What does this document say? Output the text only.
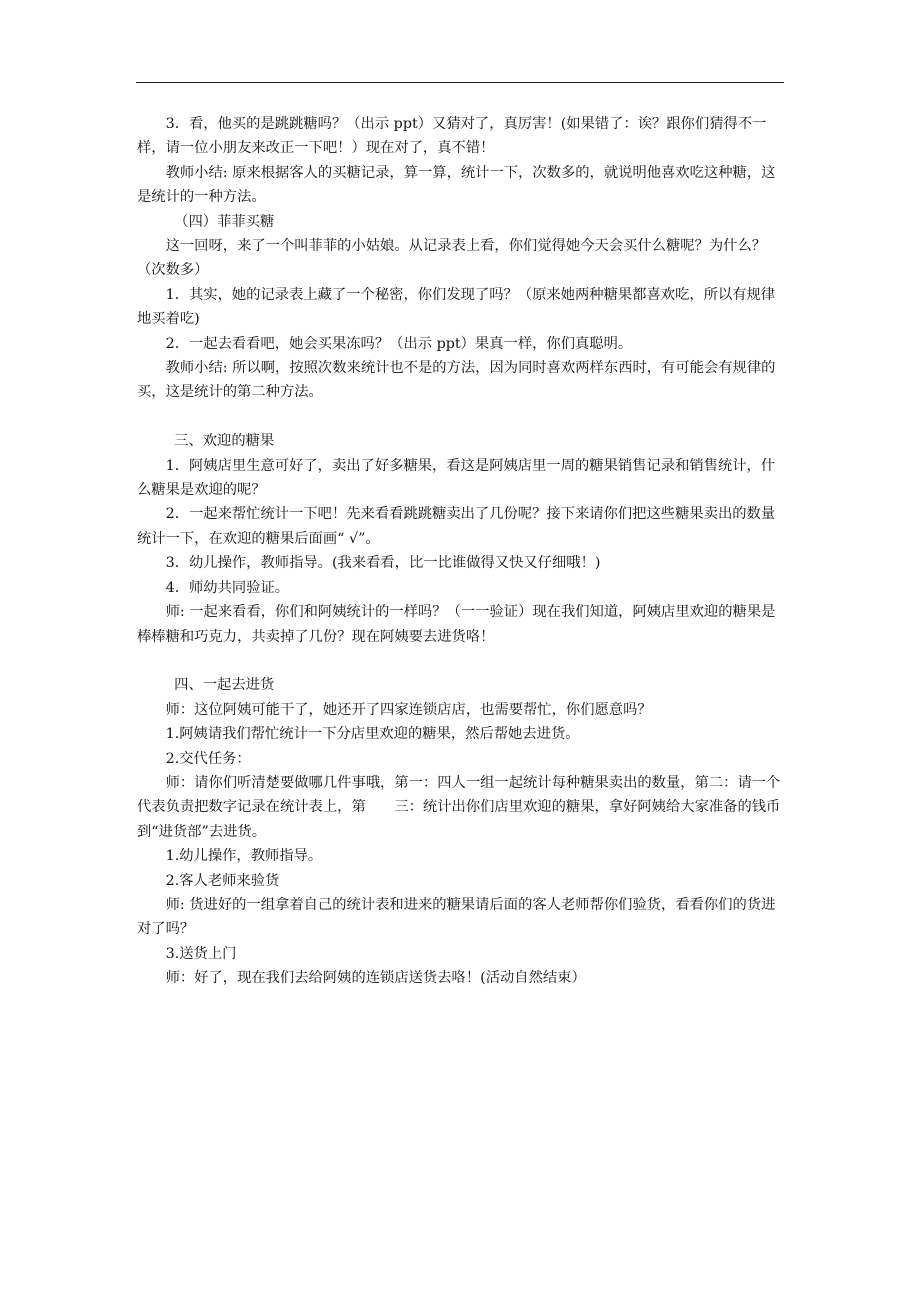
3．看，他买的是跳跳糖吗？（出示 ppt）又猜对了，真厉害！(如果错了：诶？跟你们猜得不一样，请一位小朋友来改正一下吧！）现在对了，真不错！

教师小结: 原来根据客人的买糖记录，算一算，统计一下，次数多的，就说明他喜欢吃这种糖，这是统计的一种方法。

（四）菲菲买糖

这一回呀，来了一个叫菲菲的小姑娘。从记录表上看，你们觉得她今天会买什么糖呢？为什么？（次数多）

1．其实，她的记录表上藏了一个秘密，你们发现了吗？（原来她两种糖果都喜欢吃，所以有规律地买着吃)

2．一起去看看吧，她会买果冻吗？（出示 ppt）果真一样，你们真聪明。

教师小结: 所以啊，按照次数来统计也不是的方法，因为同时喜欢两样东西时，有可能会有规律的买，这是统计的第二种方法。

三、欢迎的糖果

1．阿姨店里生意可好了，卖出了好多糖果，看这是阿姨店里一周的糖果销售记录和销售统计，什么糖果是欢迎的呢？

2．一起来帮忙统计一下吧！先来看看跳跳糖卖出了几份呢？接下来请你们把这些糖果卖出的数量统计一下，在欢迎的糖果后面画“ √”。

3．幼儿操作，教师指导。(我来看看，比一比谁做得又快又仔细哦！)

4．师幼共同验证。

师: 一起来看看，你们和阿姨统计的一样吗？（一一验证）现在我们知道，阿姨店里欢迎的糖果是棒棒糖和巧克力，共卖掉了几份？现在阿姨要去进货咯！

四、一起去进货

师：这位阿姨可能干了，她还开了四家连锁店店，也需要帮忙，你们愿意吗？

1.阿姨请我们帮忙统计一下分店里欢迎的糖果，然后帮她去进货。

2.交代任务：

师：请你们听清楚要做哪几件事哦，第一：四人一组一起统计每种糖果卖出的数量，第二：请一个代表负责把数字记录在统计表上，第　　三：统计出你们店里欢迎的糖果，拿好阿姨给大家准备的钱币到“进货部”去进货。

1.幼儿操作，教师指导。

2.客人老师来验货

师: 货进好的一组拿着自己的统计表和进来的糖果请后面的客人老师帮你们验货，看看你们的货进对了吗？

3.送货上门

师：好了，现在我们去给阿姨的连锁店送货去咯！(活动自然结束）
